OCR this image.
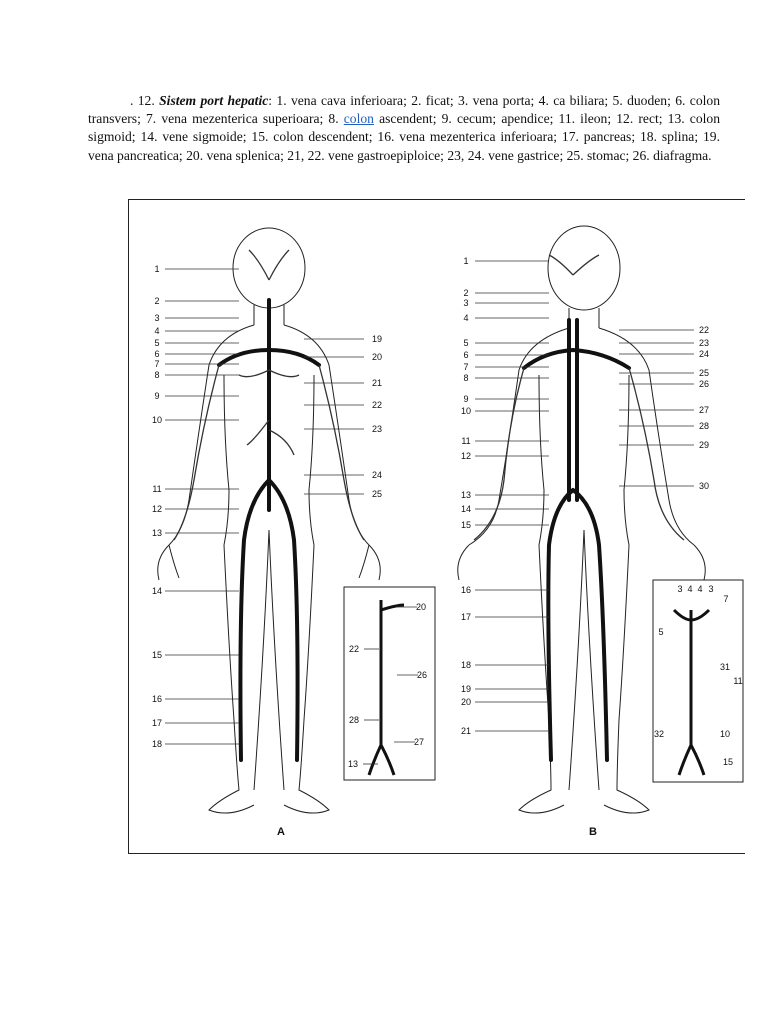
. 12. Sistem port hepatic: 1. vena cava inferioara; 2. ficat; 3. vena porta; 4. ca biliara; 5. duoden; 6. colon transvers; 7. vena mezenterica superioara; 8. colon ascendent; 9. cecum; apendice; 11. ileon; 12. rect; 13. colon sigmoid; 14. vene sigmoide; 15. colon descendent; 16. vena mezenterica inferioara; 17. pancreas; 18. splina; 19. vena pancreatica; 20. vena splenica; 21, 22. vene gastroepiploice; 23, 24. vene gastrice; 25. stomac; 26. diafragma.
1
2
3
4
5
6
7
8
9
10
11
12
13
14
15
16
17
18
19
20
21
22
23
24
25
20
22
26
28
27
13
1
2
3
4
5
6
7
8
9
10
11
12
13
14
15
16
17
18
19
20
21
22
23
24
25
26
27
28
29
30
3 4 4 3
7
5
31
11
32	10
15
A	B
